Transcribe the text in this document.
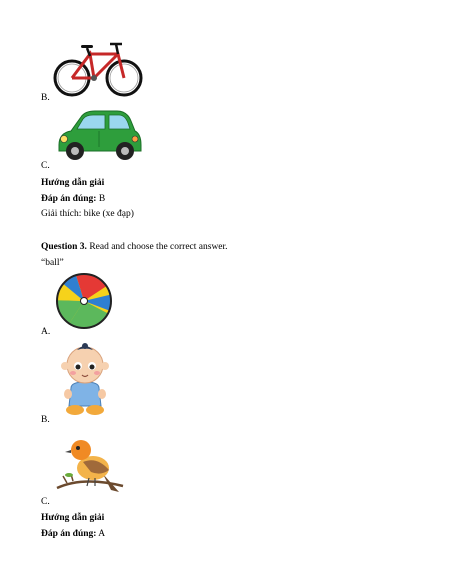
B.
C.
Hướng dẫn giải
Đáp án đúng: B
Giải thích: bike (xe đạp)
Question 3. Read and choose the correct answer.
“ball”
A.
B.
C.
Hướng dẫn giải
Đáp án đúng: A
